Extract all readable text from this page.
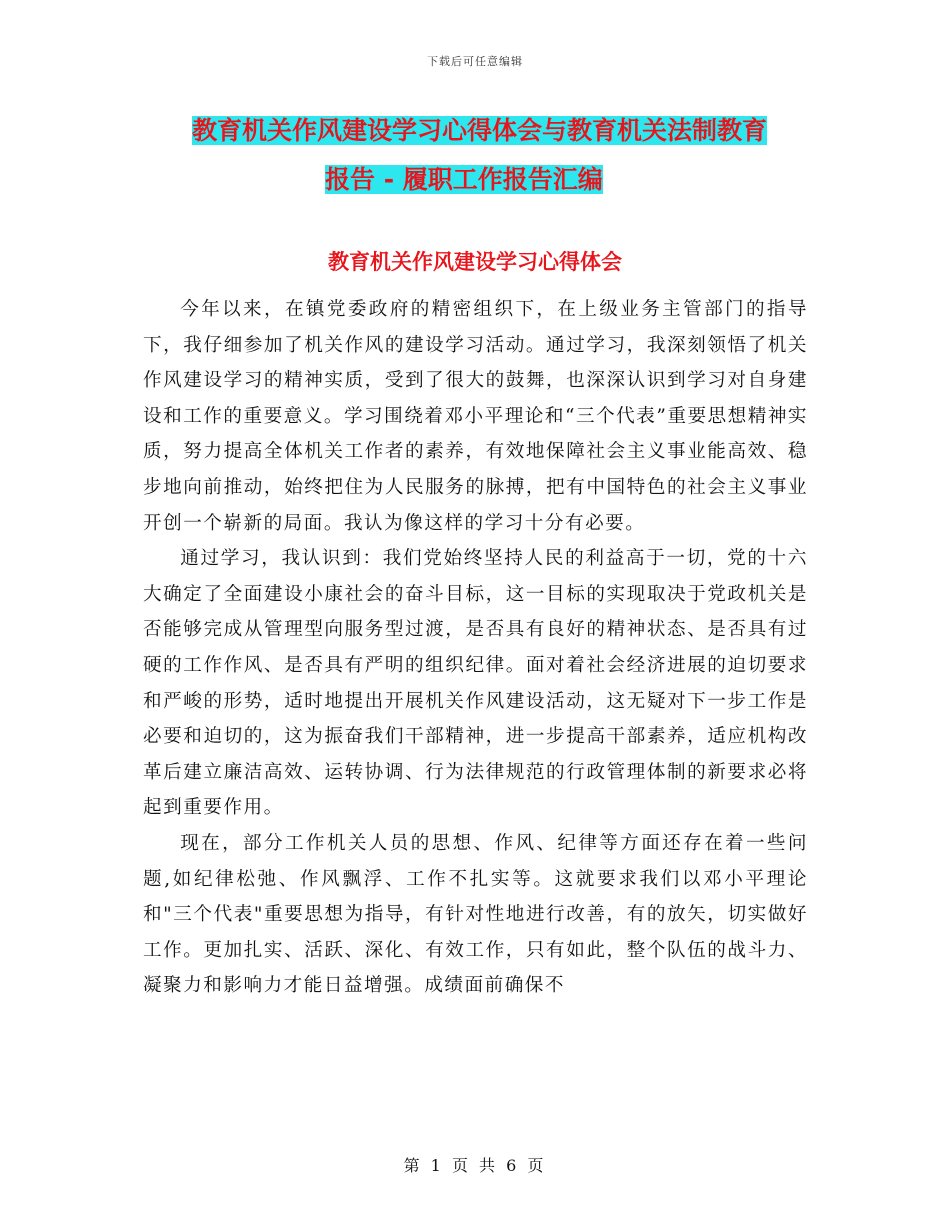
下载后可任意编辑
教育机关作风建设学习心得体会与教育机关法制教育
报告 - 履职工作报告汇编
教育机关作风建设学习心得体会

今年以来，在镇党委政府的精密组织下，在上级业务主管部门的指导下，我仔细参加了机关作风的建设学习活动。通过学习，我深刻领悟了机关作风建设学习的精神实质，受到了很大的鼓舞，也深深认识到学习对自身建设和工作的重要意义。学习围绕着邓小平理论和“三个代表”重要思想精神实质，努力提高全体机关工作者的素养，有效地保障社会主义事业能高效、稳步地向前推动，始终把住为人民服务的脉搏，把有中国特色的社会主义事业开创一个崭新的局面。我认为像这样的学习十分有必要。

通过学习，我认识到：我们党始终坚持人民的利益高于一切，党的十六大确定了全面建设小康社会的奋斗目标，这一目标的实现取决于党政机关是否能够完成从管理型向服务型过渡，是否具有良好的精神状态、是否具有过硬的工作作风、是否具有严明的组织纪律。面对着社会经济进展的迫切要求和严峻的形势，适时地提出开展机关作风建设活动，这无疑对下一步工作是必要和迫切的，这为振奋我们干部精神，进一步提高干部素养，适应机构改革后建立廉洁高效、运转协调、行为法律规范的行政管理体制的新要求必将起到重要作用。

现在，部分工作机关人员的思想、作风、纪律等方面还存在着一些问题,如纪律松弛、作风飘浮、工作不扎实等。这就要求我们以邓小平理论和"三个代表"重要思想为指导，有针对性地进行改善，有的放矢，切实做好工作。更加扎实、活跃、深化、有效工作，只有如此，整个队伍的战斗力、凝聚力和影响力才能日益增强。成绩面前确保不

第 1 页 共 6 页
